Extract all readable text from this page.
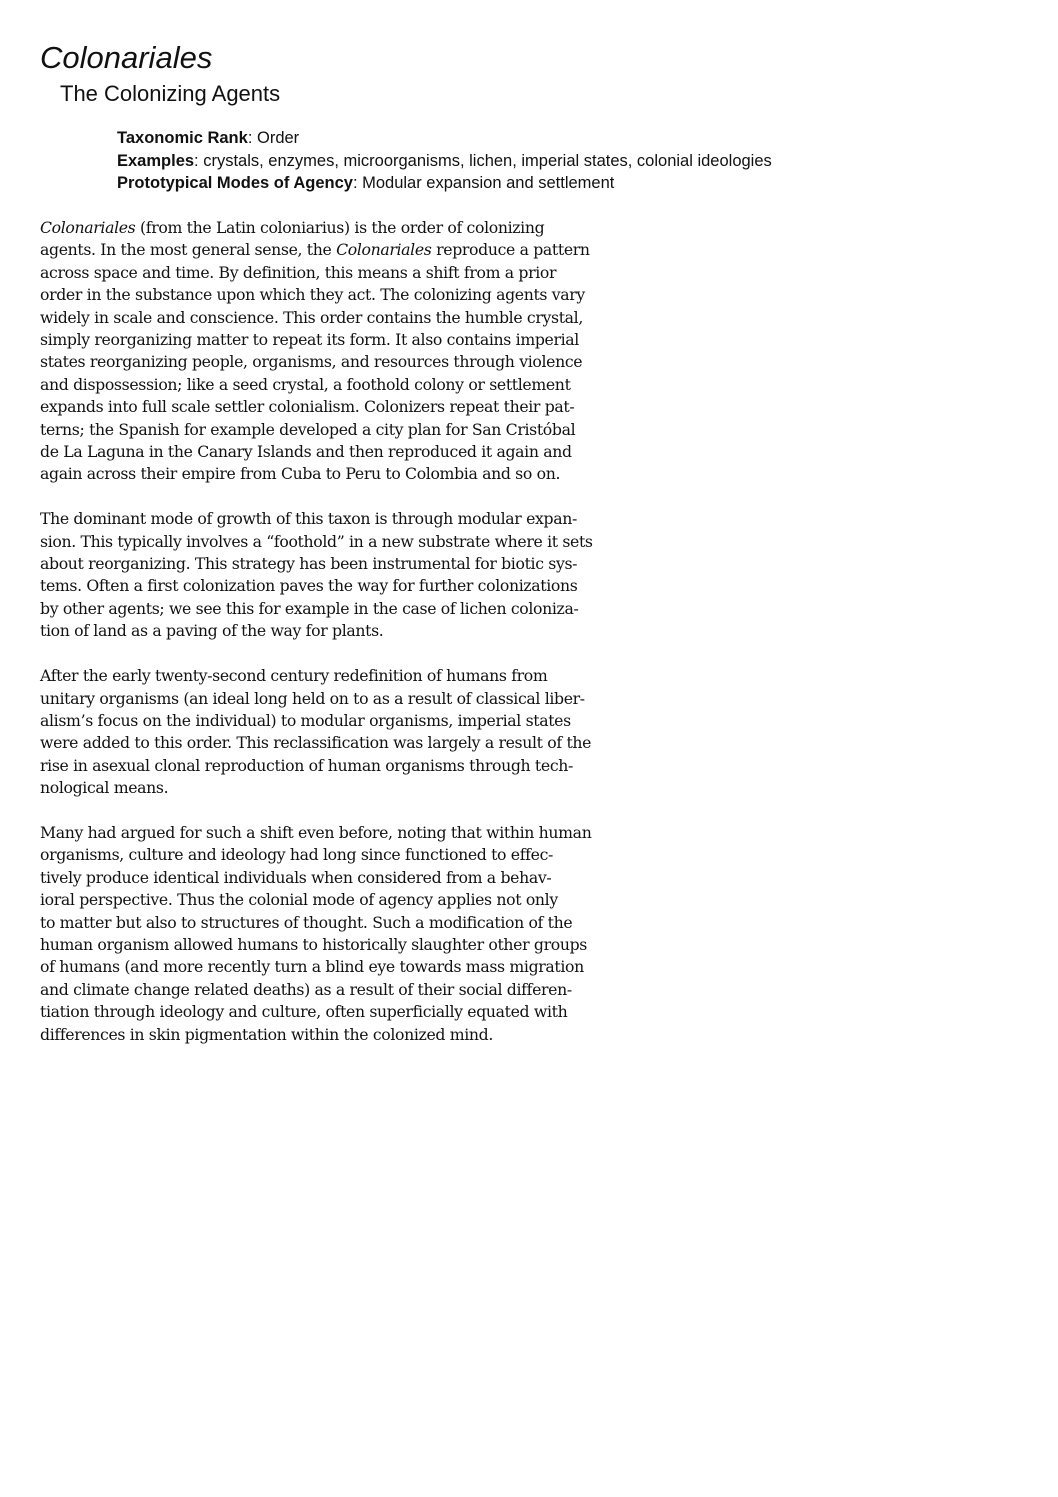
Colonariales
The Colonizing Agents
Taxonomic Rank: Order
Examples: crystals, enzymes, microorganisms, lichen, imperial states, colonial ideologies
Prototypical Modes of Agency: Modular expansion and settlement

Colonariales (from the Latin coloniarius) is the order of colonizing
agents. In the most general sense, the Colonariales reproduce a pattern
across space and time. By definition, this means a shift from a prior
order in the substance upon which they act. The colonizing agents vary
widely in scale and conscience. This order contains the humble crystal,
simply reorganizing matter to repeat its form. It also contains imperial
states reorganizing people, organisms, and resources through violence
and dispossession; like a seed crystal, a foothold colony or settlement
expands into full scale settler colonialism. Colonizers repeat their pat-
terns; the Spanish for example developed a city plan for San Cristóbal
de La Laguna in the Canary Islands and then reproduced it again and
again across their empire from Cuba to Peru to Colombia and so on.

The dominant mode of growth of this taxon is through modular expan-
sion. This typically involves a “foothold” in a new substrate where it sets
about reorganizing. This strategy has been instrumental for biotic sys-
tems. Often a first colonization paves the way for further colonizations
by other agents; we see this for example in the case of lichen coloniza-
tion of land as a paving of the way for plants.

After the early twenty-second century redefinition of humans from
unitary organisms (an ideal long held on to as a result of classical liber-
alism’s focus on the individual) to modular organisms, imperial states
were added to this order. This reclassification was largely a result of the
rise in asexual clonal reproduction of human organisms through tech-
nological means.

Many had argued for such a shift even before, noting that within human
organisms, culture and ideology had long since functioned to effec-
tively produce identical individuals when considered from a behav-
ioral perspective. Thus the colonial mode of agency applies not only
to matter but also to structures of thought. Such a modification of the
human organism allowed humans to historically slaughter other groups
of humans (and more recently turn a blind eye towards mass migration
and climate change related deaths) as a result of their social differen-
tiation through ideology and culture, often superficially equated with
differences in skin pigmentation within the colonized mind.
